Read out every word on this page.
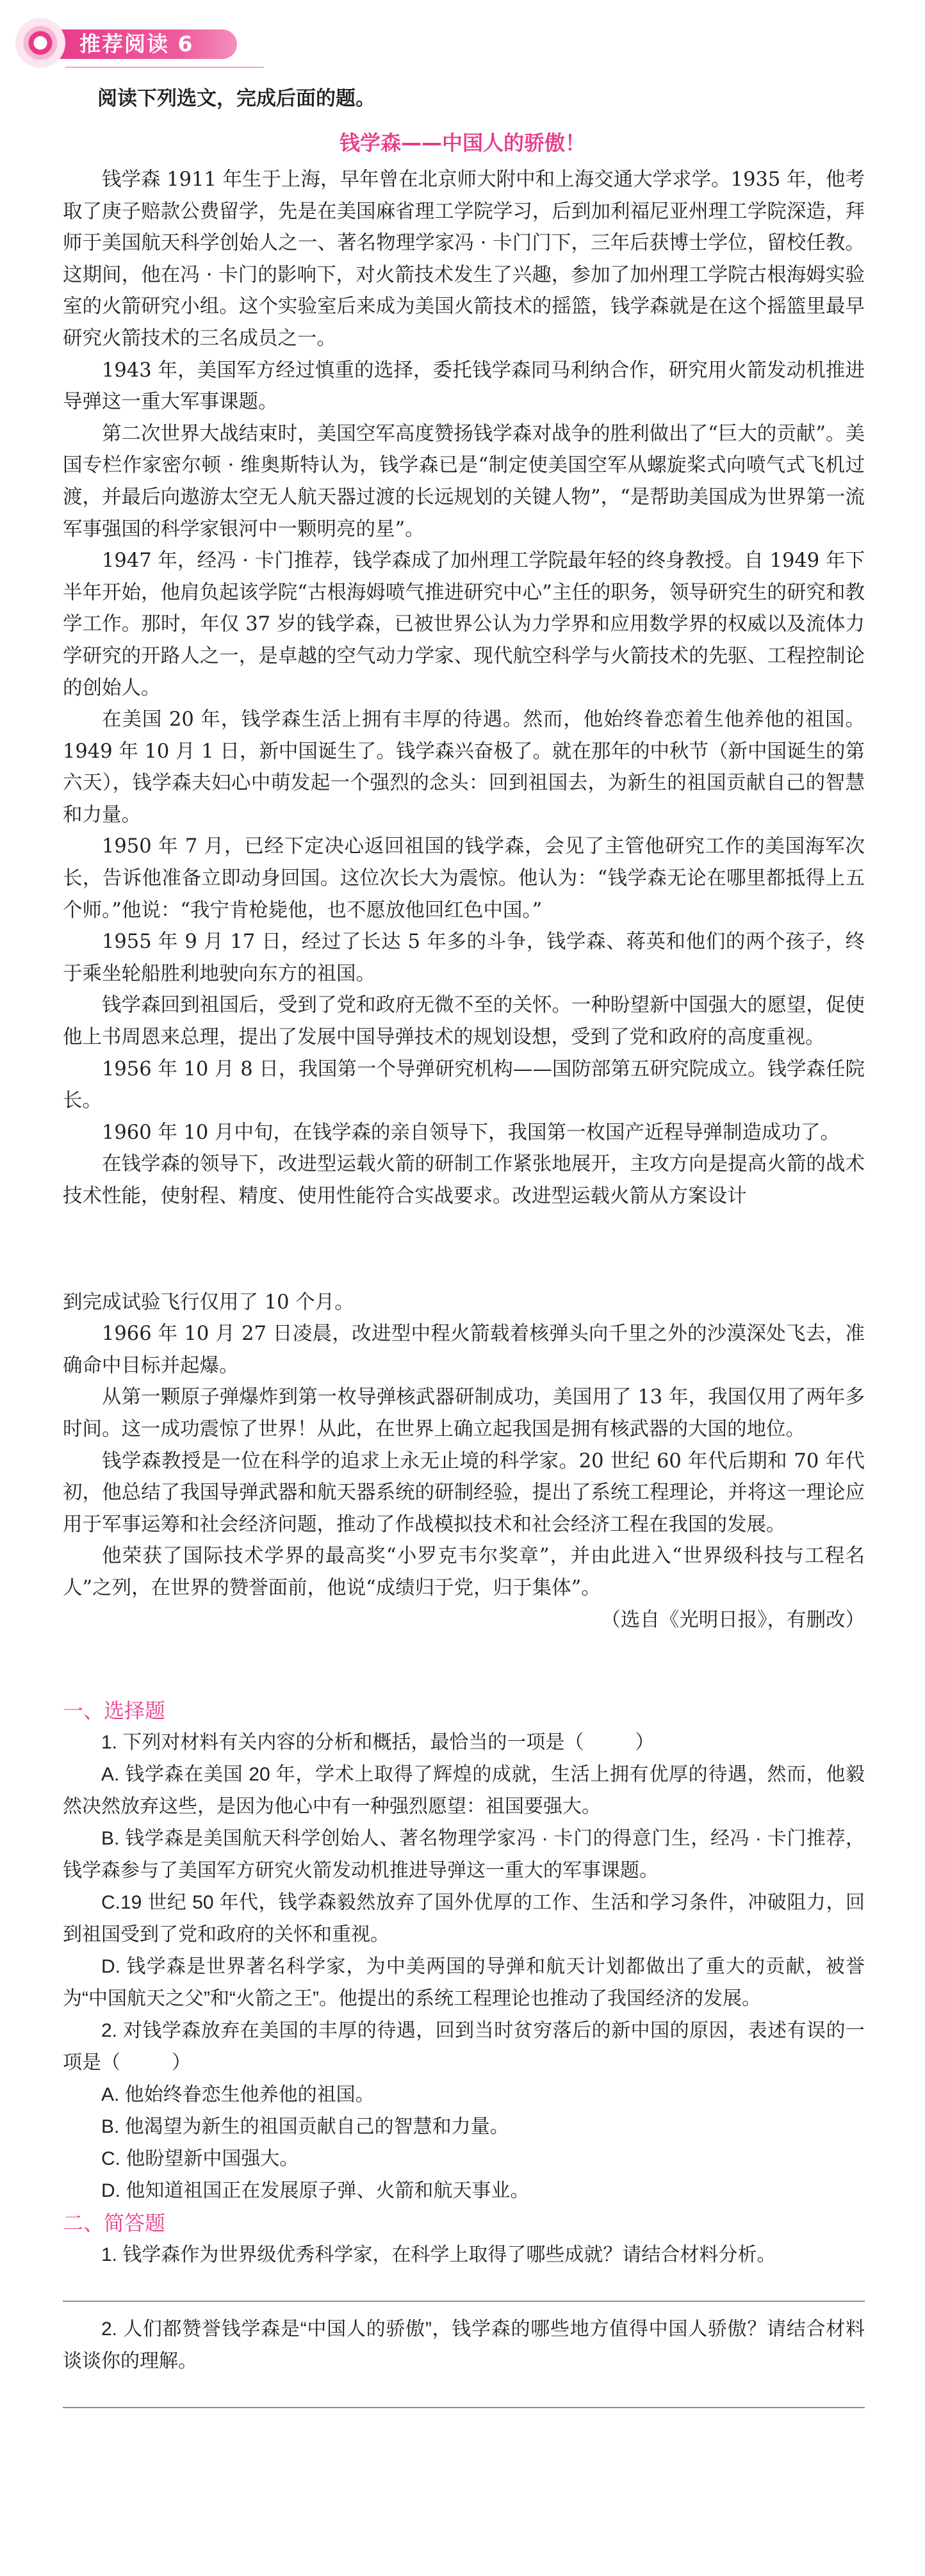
推荐阅读 6
阅读下列选文，完成后面的题。
钱学森——中国人的骄傲！

钱学森 1911 年生于上海，早年曾在北京师大附中和上海交通大学求学。1935 年，他考取了庚子赔款公费留学，先是在美国麻省理工学院学习，后到加利福尼亚州理工学院深造，拜师于美国航天科学创始人之一、著名物理学家冯 · 卡门门下，三年后获博士学位，留校任教。这期间，他在冯 · 卡门的影响下，对火箭技术发生了兴趣，参加了加州理工学院古根海姆实验室的火箭研究小组。这个实验室后来成为美国火箭技术的摇篮，钱学森就是在这个摇篮里最早研究火箭技术的三名成员之一。

1943 年，美国军方经过慎重的选择，委托钱学森同马利纳合作，研究用火箭发动机推进导弹这一重大军事课题。

第二次世界大战结束时，美国空军高度赞扬钱学森对战争的胜利做出了“巨大的贡献”。美国专栏作家密尔顿 · 维奥斯特认为，钱学森已是“制定使美国空军从螺旋桨式向喷气式飞机过渡，并最后向遨游太空无人航天器过渡的长远规划的关键人物”，“是帮助美国成为世界第一流军事强国的科学家银河中一颗明亮的星”。

1947 年，经冯 · 卡门推荐，钱学森成了加州理工学院最年轻的终身教授。自 1949 年下半年开始，他肩负起该学院“古根海姆喷气推进研究中心”主任的职务，领导研究生的研究和教学工作。那时，年仅 37 岁的钱学森，已被世界公认为力学界和应用数学界的权威以及流体力学研究的开路人之一，是卓越的空气动力学家、现代航空科学与火箭技术的先驱、工程控制论的创始人。

在美国 20 年，钱学森生活上拥有丰厚的待遇。然而，他始终眷恋着生他养他的祖国。1949 年 10 月 1 日，新中国诞生了。钱学森兴奋极了。就在那年的中秋节（新中国诞生的第六天），钱学森夫妇心中萌发起一个强烈的念头：回到祖国去，为新生的祖国贡献自己的智慧和力量。

1950 年 7 月，已经下定决心返回祖国的钱学森，会见了主管他研究工作的美国海军次长，告诉他准备立即动身回国。这位次长大为震惊。他认为：“钱学森无论在哪里都抵得上五个师。”他说：“我宁肯枪毙他，也不愿放他回红色中国。”

1955 年 9 月 17 日，经过了长达 5 年多的斗争，钱学森、蒋英和他们的两个孩子，终于乘坐轮船胜利地驶向东方的祖国。

钱学森回到祖国后，受到了党和政府无微不至的关怀。一种盼望新中国强大的愿望，促使他上书周恩来总理，提出了发展中国导弹技术的规划设想，受到了党和政府的高度重视。

1956 年 10 月 8 日，我国第一个导弹研究机构——国防部第五研究院成立。钱学森任院长。

1960 年 10 月中旬，在钱学森的亲自领导下，我国第一枚国产近程导弹制造成功了。

在钱学森的领导下，改进型运载火箭的研制工作紧张地展开，主攻方向是提高火箭的战术技术性能，使射程、精度、使用性能符合实战要求。改进型运载火箭从方案设计

到完成试验飞行仅用了 10 个月。

1966 年 10 月 27 日凌晨，改进型中程火箭载着核弹头向千里之外的沙漠深处飞去，准确命中目标并起爆。

从第一颗原子弹爆炸到第一枚导弹核武器研制成功，美国用了 13 年，我国仅用了两年多时间。这一成功震惊了世界！从此，在世界上确立起我国是拥有核武器的大国的地位。

钱学森教授是一位在科学的追求上永无止境的科学家。20 世纪 60 年代后期和 70 年代初，他总结了我国导弹武器和航天器系统的研制经验，提出了系统工程理论，并将这一理论应用于军事运筹和社会经济问题，推动了作战模拟技术和社会经济工程在我国的发展。

他荣获了国际技术学界的最高奖“小罗克韦尔奖章”，并由此进入“世界级科技与工程名人”之列，在世界的赞誉面前，他说“成绩归于党，归于集体”。

（选自《光明日报》，有删改）

一、选择题

1. 下列对材料有关内容的分析和概括，最恰当的一项是（	）

A. 钱学森在美国 20 年，学术上取得了辉煌的成就，生活上拥有优厚的待遇，然而，他毅然决然放弃这些，是因为他心中有一种强烈愿望：祖国要强大。

B. 钱学森是美国航天科学创始人、著名物理学家冯 · 卡门的得意门生，经冯 · 卡门推荐，钱学森参与了美国军方研究火箭发动机推进导弹这一重大的军事课题。

C.19 世纪 50 年代，钱学森毅然放弃了国外优厚的工作、生活和学习条件，冲破阻力，回到祖国受到了党和政府的关怀和重视。

D. 钱学森是世界著名科学家，为中美两国的导弹和航天计划都做出了重大的贡献，被誉为“中国航天之父”和“火箭之王”。他提出的系统工程理论也推动了我国经济的发展。

2. 对钱学森放弃在美国的丰厚的待遇，回到当时贫穷落后的新中国的原因，表述有误的一项是（	）

A. 他始终眷恋生他养他的祖国。

B. 他渴望为新生的祖国贡献自己的智慧和力量。

C. 他盼望新中国强大。

D. 他知道祖国正在发展原子弹、火箭和航天事业。

二、简答题

1. 钱学森作为世界级优秀科学家，在科学上取得了哪些成就？请结合材料分析。

2. 人们都赞誉钱学森是“中国人的骄傲”，钱学森的哪些地方值得中国人骄傲？请结合材料谈谈你的理解。
